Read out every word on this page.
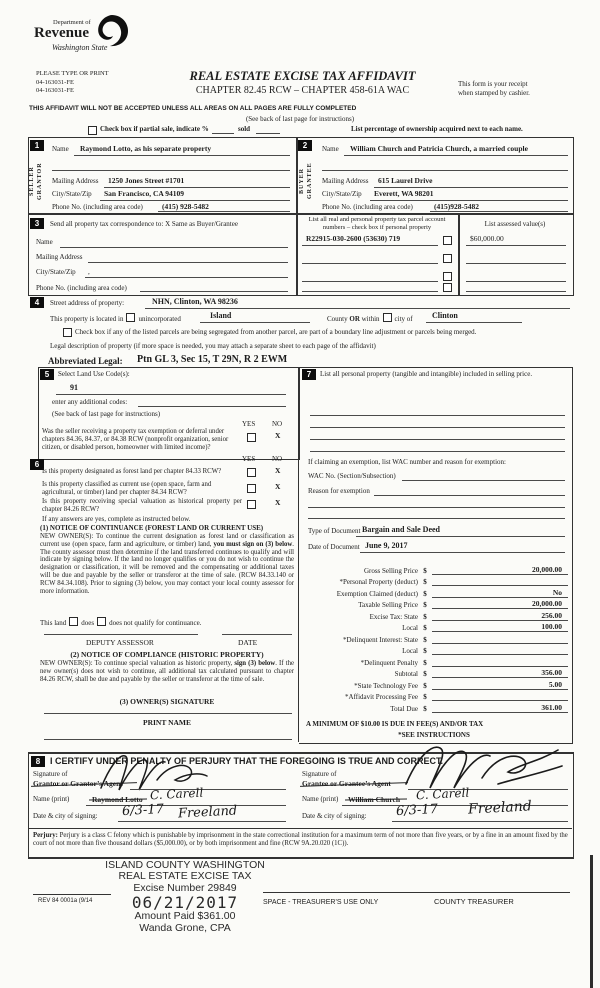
Department of
Revenue
Washington State
PLEASE TYPE OR PRINT
04-163031-FE
04-163031-FE
REAL ESTATE EXCISE TAX AFFIDAVIT
CHAPTER 82.45 RCW – CHAPTER 458-61A WAC
This form is your receipt
when stamped by cashier.
THIS AFFIDAVIT WILL NOT BE ACCEPTED UNLESS ALL AREAS ON ALL PAGES ARE FULLY COMPLETED
(See back of last page for instructions)
Check box if partial sale, indicate %	sold	List percentage of ownership acquired next to each name.
1
SELLER GRANTOR
Name Raymond Lotto, as his separate property
Mailing Address 1250 Jones Street #1701
City/State/Zip San Francisco, CA 94109
Phone No. (including area code)	(415) 928-5482
2
BUYER GRANTEE
Name William Church and Patricia Church, a married couple
Mailing Address 615 Laurel Drive
City/State/Zip Everett, WA 98201
Phone No. (including area code)	(415)928-5482
3	Send all property tax correspondence to: X Same as Buyer/Grantee
Name
Mailing Address
City/State/Zip ,
Phone No. (including area code)
List all real and personal property tax parcel account
numbers – check box if personal property
R22915-030-2600 (53630) 719
List assessed value(s)
$60,000.00
4	Street address of property:	NHN, Clinton, WA 98236
This property is located in unincorporated	Island	County OR within city of Clinton
Check box if any of the listed parcels are being segregated from another parcel, are part of a boundary line adjustment or parcels being merged.
Legal description of property (if more space is needed, you may attach a separate sheet to each page of the affidavit)
Abbreviated Legal: Ptn GL 3, Sec 15, T 29N, R 2 EWM
5	Select Land Use Code(s):
91
enter any additional codes:
(See back of last page for instructions)
YES NO
Was the seller receiving a property tax exemption or deferral under chapters 84.36, 84.37, or 84.38 RCW (nonprofit organization, senior citizen, or disabled person, homeowner with limited income)?
X
6
YES NO
Is this property designated as forest land per chapter 84.33 RCW?	X
Is this property classified as current use (open space, farm and agricultural, or timber) land per chapter 84.34 RCW?
X
Is this property receiving special valuation as historical property per chapter 84.26 RCW?
X
If any answers are yes, complete as instructed below.
(1) NOTICE OF CONTINUANCE (FOREST LAND OR CURRENT USE)
NEW OWNER(S): To continue the current designation as forest land or classification as current use (open space, farm and agriculture, or timber) land, you must sign on (3) below. The county assessor must then determine if the land transferred continues to qualify and will indicate by signing below. If the land no longer qualifies or you do not wish to continue the designation or classification, it will be removed and the compensating or additional taxes will be due and payable by the seller or transferor at the time of sale. (RCW 84.33.140 or RCW 84.34.108). Prior to signing (3) below, you may contact your local county assessor for more information.
This land does does not qualify for continuance.
DEPUTY ASSESSOR	DATE
(2) NOTICE OF COMPLIANCE (HISTORIC PROPERTY)
NEW OWNER(S): To continue special valuation as historic property, sign (3) below. If the new owner(s) does not wish to continue, all additional tax calculated pursuant to chapter 84.26 RCW, shall be due and payable by the seller or transferor at the time of sale.
(3) OWNER(S) SIGNATURE
PRINT NAME
7	List all personal property (tangible and intangible) included in selling price.
If claiming an exemption, list WAC number and reason for exemption:
WAC No. (Section/Subsection)
Reason for exemption
Type of Document Bargain and Sale Deed
Date of Document June 9, 2017
Gross Selling Price $	20,000.00
*Personal Property (deduct) $
Exemption Claimed (deduct) $	No
Taxable Selling Price $	20,000.00
Excise Tax: State $	256.00
Local $	100.00
*Delinquent Interest: State $
Local $
*Delinquent Penalty $
Subtotal $	356.00
*State Technology Fee $	5.00
*Affidavit Processing Fee $
Total Due $	361.00
A MINIMUM OF $10.00 IS DUE IN FEE(S) AND/OR TAX
*SEE INSTRUCTIONS
8	I CERTIFY UNDER PENALTY OF PERJURY THAT THE FOREGOING IS TRUE AND CORRECT.
Signature of
Grantor or Grantor’s Agent
Name (print)	Raymond Lotto C. Carell
Date & city of signing: 6/3-17 Freeland
Signature of
Grantee or Grantee’s Agent
Name (print) William Church C. Carell
Date & city of signing: 6/3-17 Freeland
Perjury: Perjury is a class C felony which is punishable by imprisonment in the state correctional institution for a maximum term of not more than five years, or by a fine in an amount fixed by the court of not more than five thousand dollars ($5,000.00), or by both imprisonment and fine (RCW 9A.20.020 (1C)).
REV 84 0001a (9/14
ISLAND COUNTY WASHINGTON
REAL ESTATE EXCISE TAX
Excise Number 29849
06/21/2017
Amount Paid $361.00
Wanda Grone, CPA
SPACE - TREASURER'S USE ONLY	COUNTY TREASURER
